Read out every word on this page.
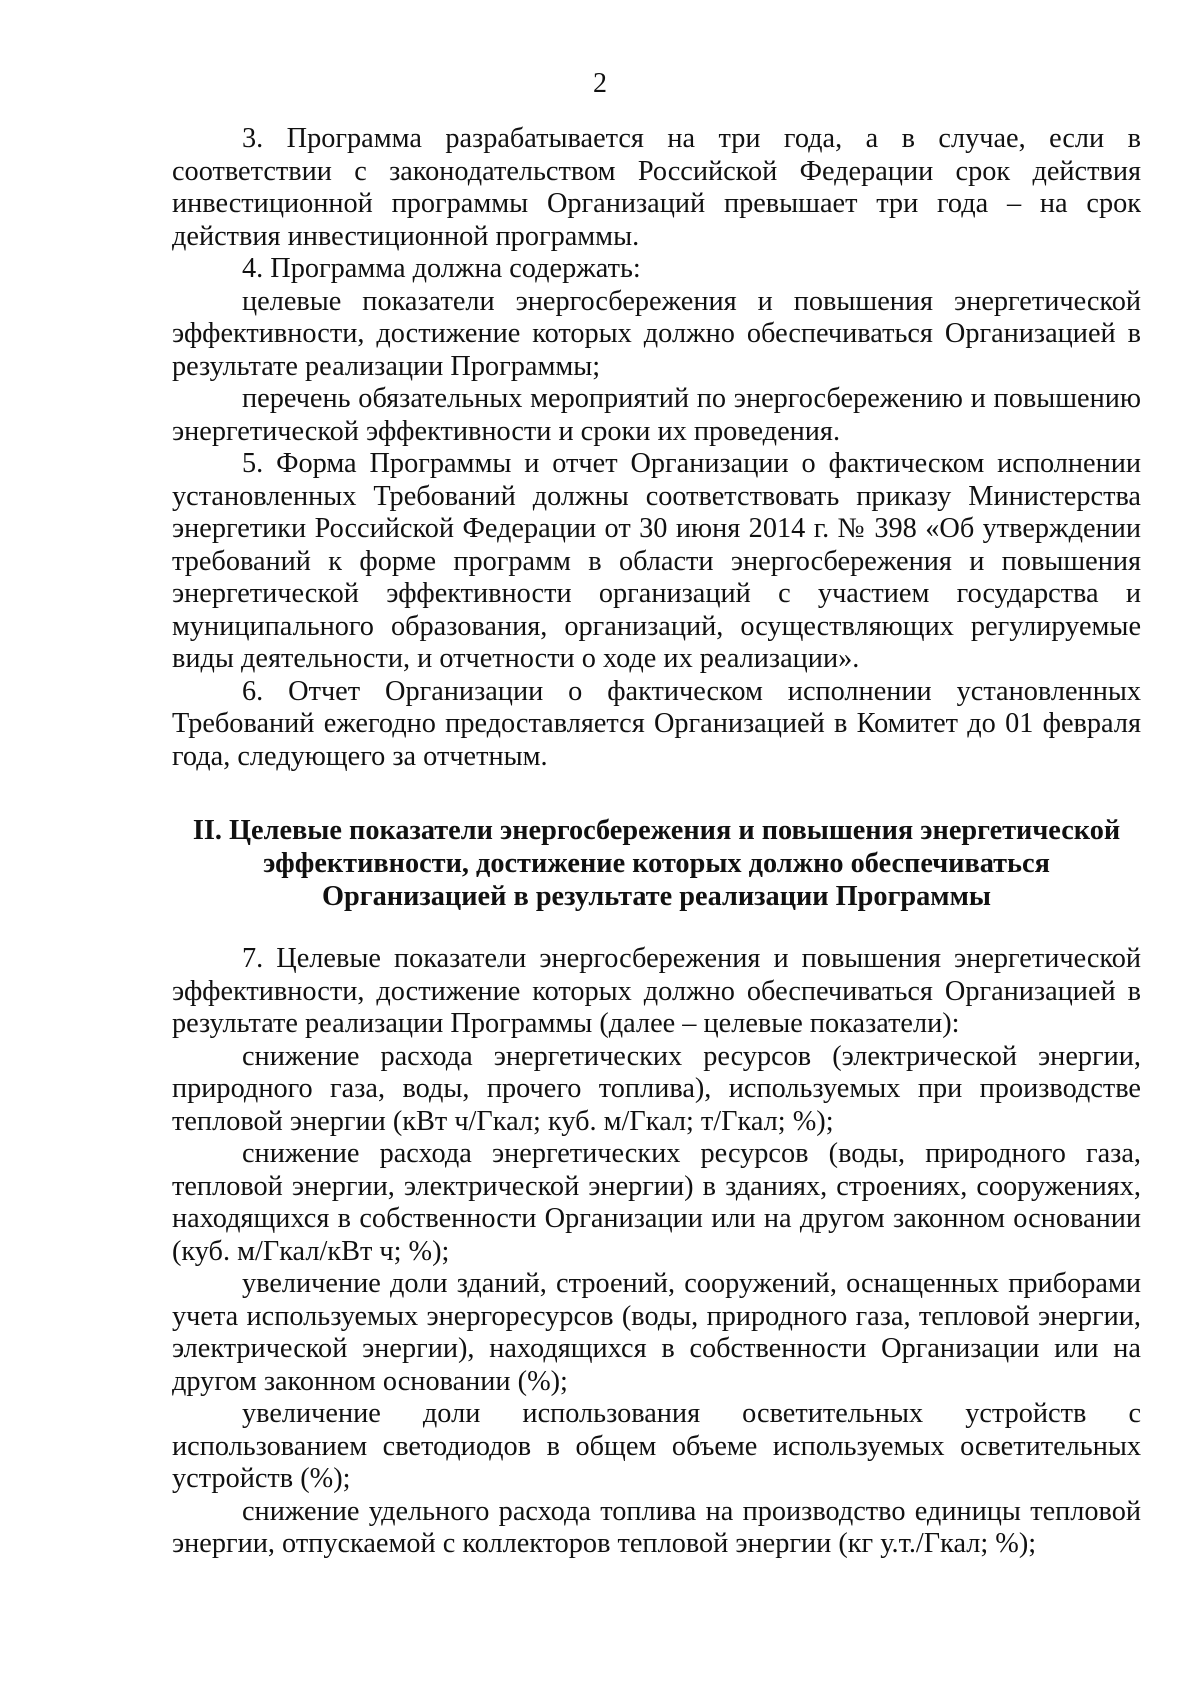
2

3. Программа разрабатывается на три года, а в случае, если в соответствии с законодательством Российской Федерации срок действия инвестиционной программы Организаций превышает три года – на срок действия инвестиционной программы.

4. Программа должна содержать:

целевые показатели энергосбережения и повышения энергетической эффективности, достижение которых должно обеспечиваться Организацией в результате реализации Программы;

перечень обязательных мероприятий по энергосбережению и повышению энергетической эффективности и сроки их проведения.

5. Форма Программы и отчет Организации о фактическом исполнении установленных Требований должны соответствовать приказу Министерства энергетики Российской Федерации от 30 июня 2014 г. № 398 «Об утверждении требований к форме программ в области энергосбережения и повышения энергетической эффективности организаций с участием государства и муниципального образования, организаций, осуществляющих регулируемые виды деятельности, и отчетности о ходе их реализации».

6. Отчет Организации о фактическом исполнении установленных Требований ежегодно предоставляется Организацией в Комитет до 01 февраля года, следующего за отчетным.

II. Целевые показатели энергосбережения и повышения энергетической
эффективности, достижение которых должно обеспечиваться
Организацией в результате реализации Программы

7. Целевые показатели энергосбережения и повышения энергетической эффективности, достижение которых должно обеспечиваться Организацией в результате реализации Программы (далее – целевые показатели):

снижение расхода энергетических ресурсов (электрической энергии, природного газа, воды, прочего топлива), используемых при производстве тепловой энергии (кВт ч/Гкал; куб. м/Гкал; т/Гкал; %);

снижение расхода энергетических ресурсов (воды, природного газа, тепловой энергии, электрической энергии) в зданиях, строениях, сооружениях, находящихся в собственности Организации или на другом законном основании (куб. м/Гкал/кВт ч; %);

увеличение доли зданий, строений, сооружений, оснащенных приборами учета используемых энергоресурсов (воды, природного газа, тепловой энергии, электрической энергии), находящихся в собственности Организации или на другом законном основании (%);

увеличение доли использования осветительных устройств с использованием светодиодов в общем объеме используемых осветительных устройств (%);

снижение удельного расхода топлива на производство единицы тепловой энергии, отпускаемой с коллекторов тепловой энергии (кг у.т./Гкал; %);
